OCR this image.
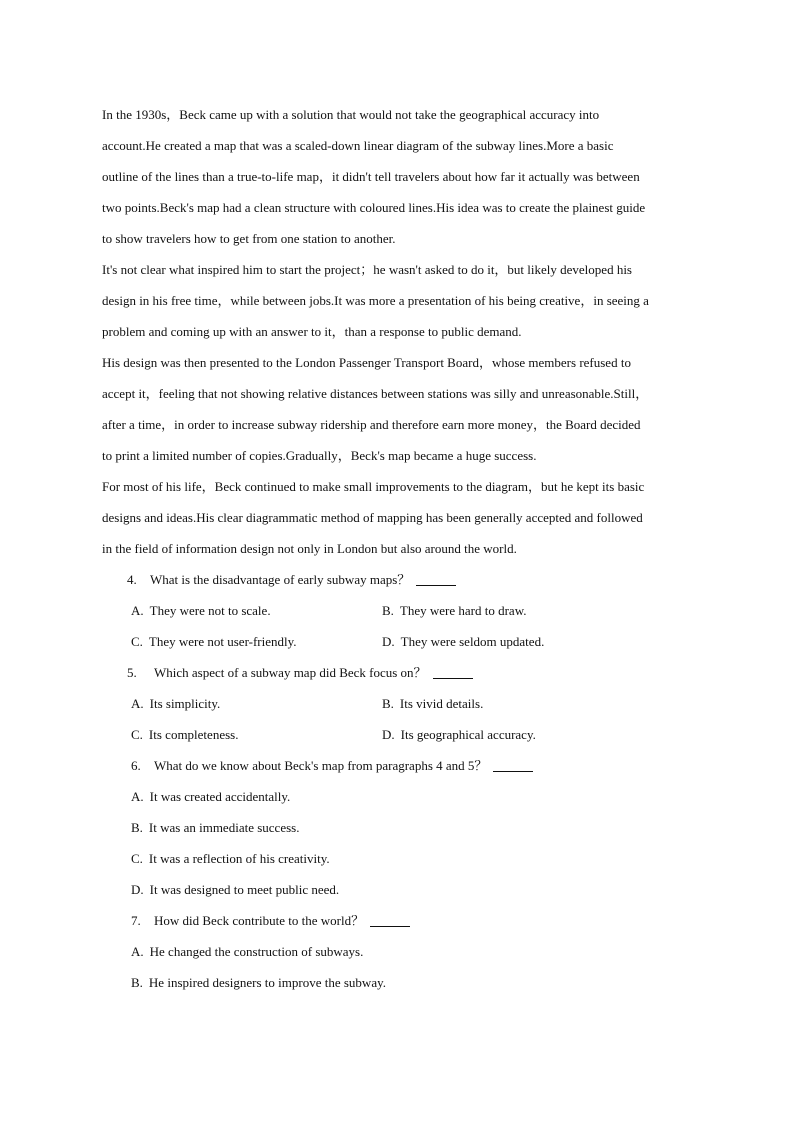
In the 1930s，Beck came up with a solution that would not take the geographical accuracy into
account.He created a map that was a scaled-down linear diagram of the subway lines.More a basic
outline of the lines than a true-to-life map，it didn't tell travelers about how far it actually was between
two points.Beck's map had a clean structure with coloured lines.His idea was to create the plainest guide
to show travelers how to get from one station to another.

It's not clear what inspired him to start the project；he wasn't asked to do it，but likely developed his
design in his free time，while between jobs.It was more a presentation of his being creative，in seeing a
problem and coming up with an answer to it，than a response to public demand.

His design was then presented to the London Passenger Transport Board，whose members refused to
accept it，feeling that not showing relative distances between stations was silly and unreasonable.Still，
after a time，in order to increase subway ridership and therefore earn more money，the Board decided
to print a limited number of copies.Gradually，Beck's map became a huge success.

For most of his life，Beck continued to make small improvements to the diagram，but he kept its basic
designs and ideas.His clear diagrammatic method of mapping has been generally accepted and followed
in the field of information design not only in London but also around the world.

4. What is the disadvantage of early subway maps？
A. They were not to scale.	B. They were hard to draw.
C. They were not user-friendly.	D. They were seldom updated.
5. Which aspect of a subway map did Beck focus on？
A. Its simplicity.	B. Its vivid details.
C. Its completeness.	D. Its geographical accuracy.
6. What do we know about Beck's map from paragraphs 4 and 5？
A. It was created accidentally.
B. It was an immediate success.
C. It was a reflection of his creativity.
D. It was designed to meet public need.
7. How did Beck contribute to the world？
A. He changed the construction of subways.
B. He inspired designers to improve the subway.
